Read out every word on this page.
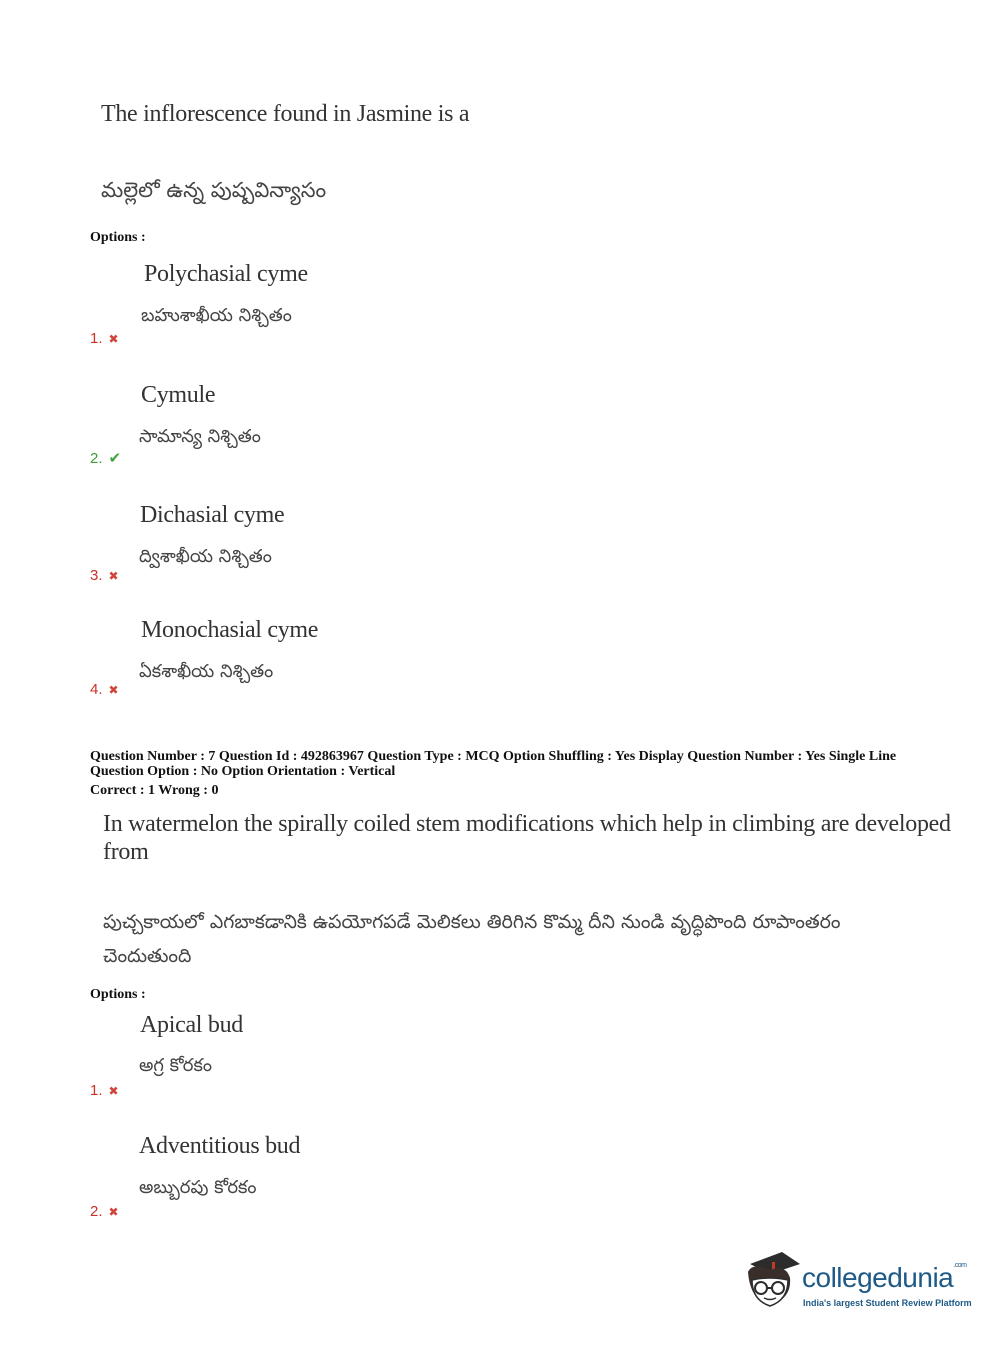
The inflorescence found in Jasmine is a
మల్లెలో ఉన్న పుష్పవిన్యాసం
Options :
Polychasial cyme
బహుశాఖీయ నిశ్చితం
1. ✖
Cymule
సామాన్య నిశ్చితం
2. ✔
Dichasial cyme
ద్విశాఖీయ నిశ్చితం
3. ✖
Monochasial cyme
ఏకశాఖీయ నిశ్చితం
4. ✖
Question Number : 7 Question Id : 492863967 Question Type : MCQ Option Shuffling : Yes Display Question Number : Yes Single Line Question Option : No Option Orientation : Vertical
Correct : 1 Wrong : 0
In watermelon the spirally coiled stem modifications which help in climbing are developed
from
పుచ్చకాయలో ఎగబాకడానికి ఉపయోగపడే మెలికలు తిరిగిన కొమ్మ దీని నుండి వృద్ధిపొంది రూపాంతరం
చెందుతుంది
Options :
Apical bud
అగ్ర కోరకం
1. ✖
Adventitious bud
అబ్బురపు కోరకం
2. ✖
collegedunia$^{.com}$
India's largest Student Review Platform
